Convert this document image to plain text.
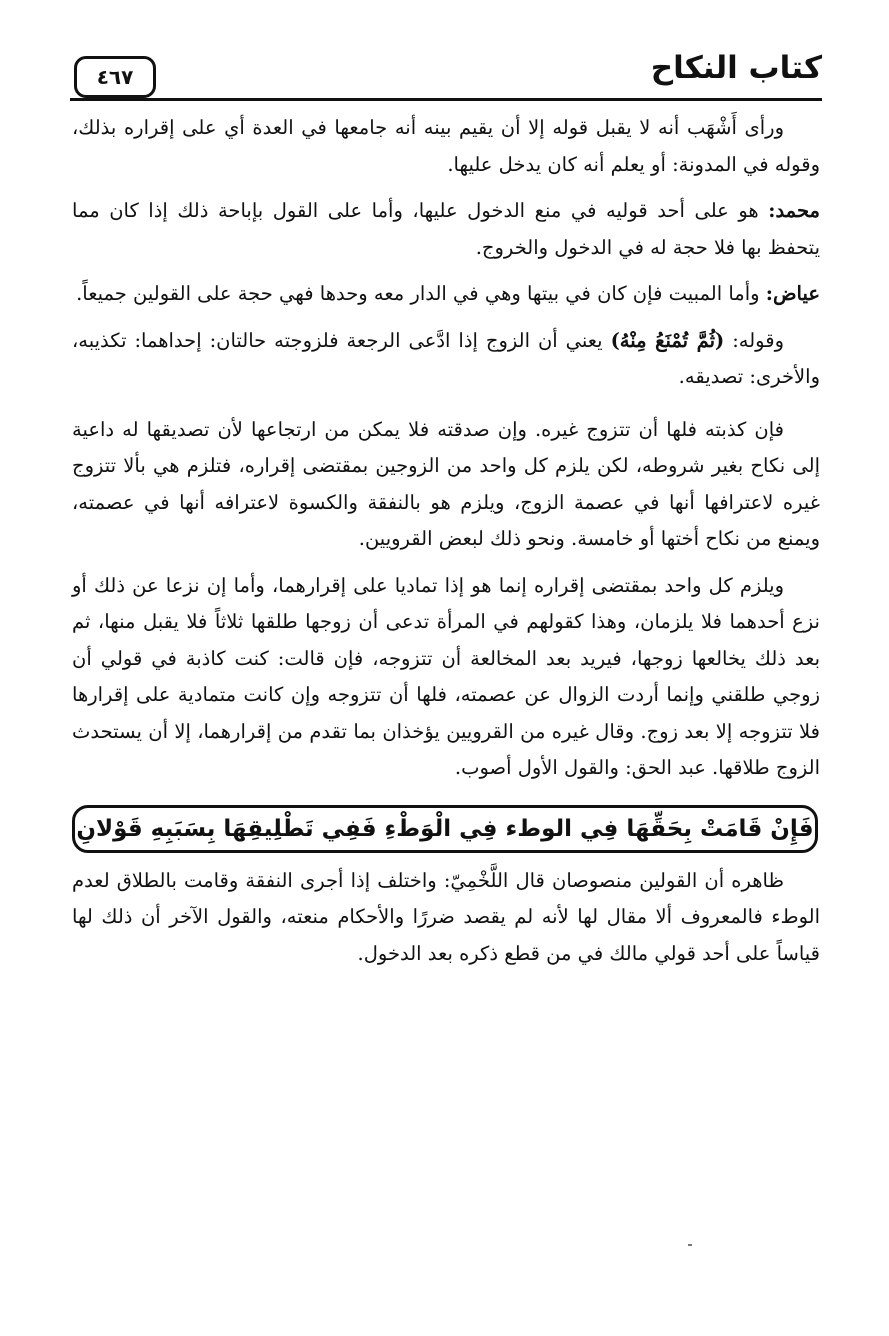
كتاب النكاح
٤٦٧

ورأى أَشْهَب أنه لا يقبل قوله إلا أن يقيم بينه أنه جامعها في العدة أي على إقراره بذلك، وقوله في المدونة: أو يعلم أنه كان يدخل عليها.

محمد: هو على أحد قوليه في منع الدخول عليها، وأما على القول بإباحة ذلك إذا كان مما يتحفظ بها فلا حجة له في الدخول والخروج.

عياض: وأما المبيت فإن كان في بيتها وهي في الدار معه وحدها فهي حجة على القولين جميعاً.

وقوله: (ثُمَّ تُمْنَعُ مِنْهُ) يعني أن الزوج إذا ادَّعى الرجعة فلزوجته حالتان: إحداهما: تكذيبه، والأخرى: تصديقه.

فإن كذبته فلها أن تتزوج غيره. وإن صدقته فلا يمكن من ارتجاعها لأن تصديقها له داعية إلى نكاح بغير شروطه، لكن يلزم كل واحد من الزوجين بمقتضى إقراره، فتلزم هي بألا تتزوج غيره لاعترافها أنها في عصمة الزوج، ويلزم هو بالنفقة والكسوة لاعترافه أنها في عصمته، ويمنع من نكاح أختها أو خامسة. ونحو ذلك لبعض القرويين.

ويلزم كل واحد بمقتضى إقراره إنما هو إذا تماديا على إقرارهما، وأما إن نزعا عن ذلك أو نزع أحدهما فلا يلزمان، وهذا كقولهم في المرأة تدعى أن زوجها طلقها ثلاثاً فلا يقبل منها، ثم بعد ذلك يخالعها زوجها، فيريد بعد المخالعة أن تتزوجه، فإن قالت: كنت كاذبة في قولي أن زوجي طلقني وإنما أردت الزوال عن عصمته، فلها أن تتزوجه وإن كانت متمادية على إقرارها فلا تتزوجه إلا بعد زوج. وقال غيره من القرويين يؤخذان بما تقدم من إقرارهما، إلا أن يستحدث الزوج طلاقها. عبد الحق: والقول الأول أصوب.

فَإِنْ قَامَتْ بِحَقِّهَا فِي الوطء فِي الْوَطْءِ فَفِي تَطْلِيقِهَا بِسَبَبِهِ قَوْلانِ

ظاهره أن القولين منصوصان قال اللَّخْمِيّ: واختلف إذا أجرى النفقة وقامت بالطلاق لعدم الوطء فالمعروف ألا مقال لها لأنه لم يقصد ضررًا والأحكام منعته، والقول الآخر أن ذلك لها قياساً على أحد قولي مالك في من قطع ذكره بعد الدخول.
